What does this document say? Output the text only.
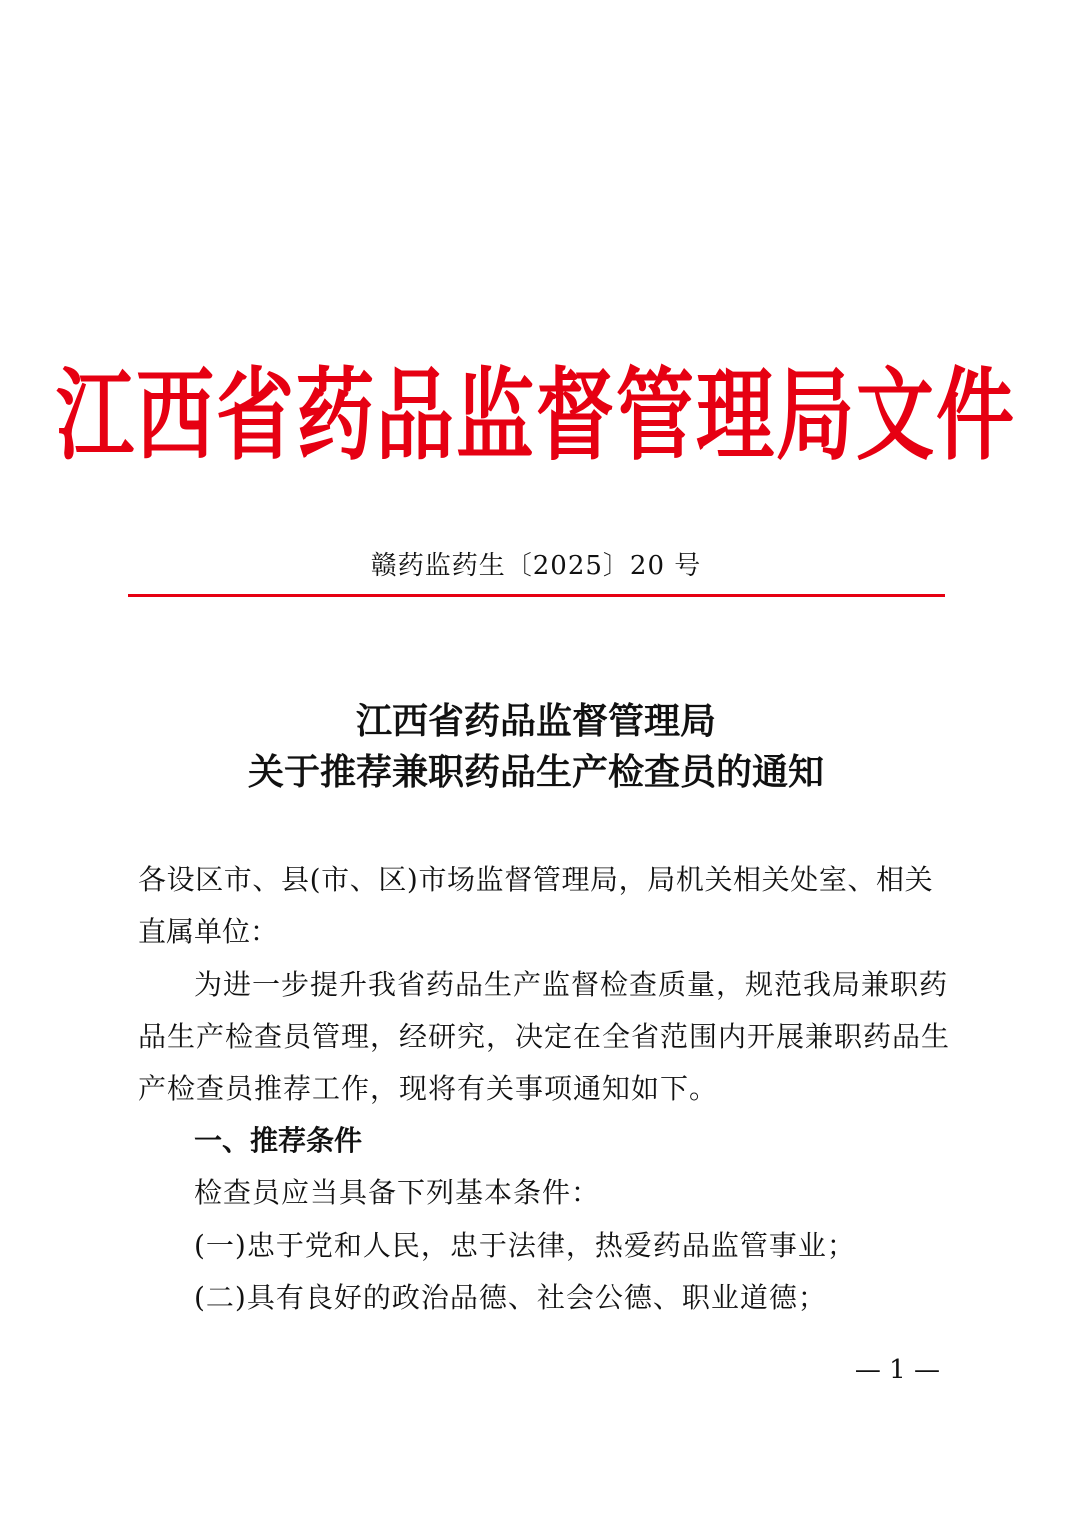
江西省药品监督管理局文件
赣药监药生〔2025〕20 号
江西省药品监督管理局
关于推荐兼职药品生产检查员的通知
各设区市、县(市、区)市场监督管理局，局机关相关处室、相关
直属单位：
为进一步提升我省药品生产监督检查质量，规范我局兼职药
品生产检查员管理，经研究，决定在全省范围内开展兼职药品生
产检查员推荐工作，现将有关事项通知如下。
一、推荐条件
检查员应当具备下列基本条件：
(一)忠于党和人民，忠于法律，热爱药品监管事业；
(二)具有良好的政治品德、社会公德、职业道德；
— 1 —
